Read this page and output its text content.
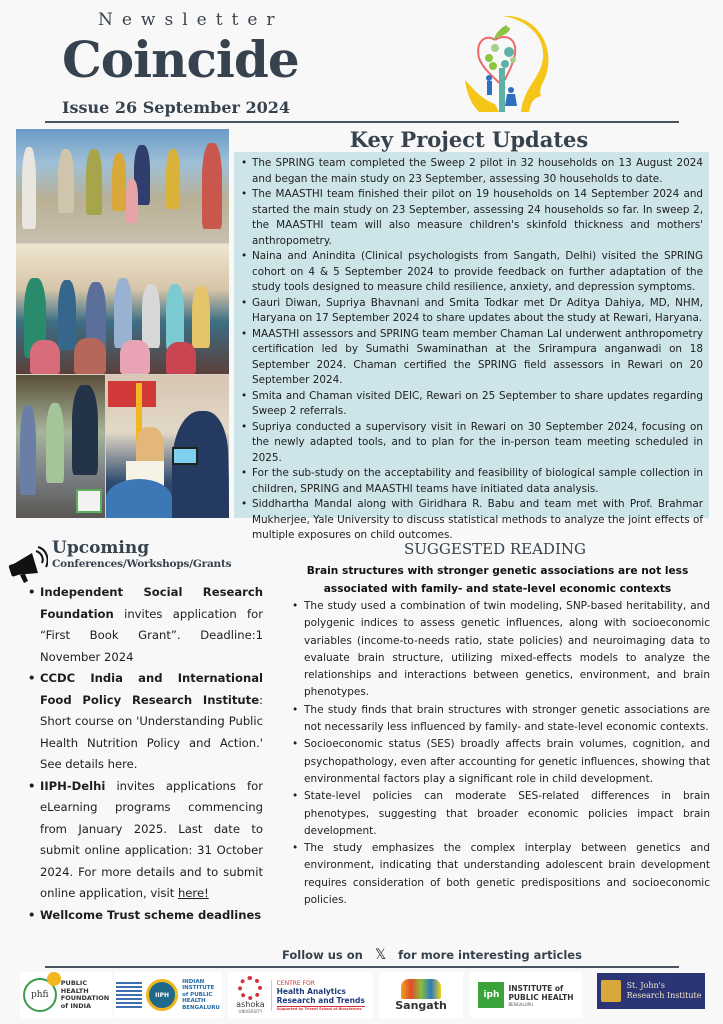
Newsletter
Coincide
Issue 26 September 2024
Key Project Updates
• The SPRING team completed the Sweep 2 pilot in 32 households on 13 August 2024 and began the main study on 23 September, assessing 30 households to date.
• The MAASTHI team finished their pilot on 19 households on 14 September 2024 and started the main study on 23 September, assessing 24 households so far. In sweep 2, the MAASTHI team will also measure children's skinfold thickness and mothers' anthropometry.
• Naina and Anindita (Clinical psychologists from Sangath, Delhi) visited the SPRING cohort on 4 & 5 September 2024 to provide feedback on further adaptation of the study tools designed to measure child resilience, anxiety, and depression symptoms.
• Gauri Diwan, Supriya Bhavnani and Smita Todkar met Dr Aditya Dahiya, MD, NHM, Haryana on 17 September 2024 to share updates about the study at Rewari, Haryana.
• MAASTHI assessors and SPRING team member Chaman Lal underwent anthropometry certification led by Sumathi Swaminathan at the Srirampura anganwadi on 18 September 2024. Chaman certified the SPRING field assessors in Rewari on 20 September 2024.
• Smita and Chaman visited DEIC, Rewari on 25 September to share updates regarding Sweep 2 referrals.
• Supriya conducted a supervisory visit in Rewari on 30 September 2024, focusing on the newly adapted tools, and to plan for the in-person team meeting scheduled in 2025.
• For the sub-study on the acceptability and feasibility of biological sample collection in children, SPRING and MAASTHI teams have initiated data analysis.
• Siddhartha Mandal along with Giridhara R. Babu and team met with Prof. Brahmar Mukherjee, Yale University to discuss statistical methods to analyze the joint effects of multiple exposures on child outcomes.
Upcoming
Conferences/Workshops/Grants
• Independent Social Research Foundation invites application for “First Book Grant”. Deadline:1 November 2024
• CCDC India and International Food Policy Research Institute: Short course on 'Understanding Public Health Nutrition Policy and Action.' See details here.
• IIPH-Delhi invites applications for eLearning programs commencing from January 2025. Last date to submit online application: 31 October 2024. For more details and to submit online application, visit here!
• Wellcome Trust scheme deadlines
SUGGESTED READING
Brain structures with stronger genetic associations are not less associated with family- and state-level economic contexts
• The study used a combination of twin modeling, SNP-based heritability, and polygenic indices to assess genetic influences, along with socioeconomic variables (income-to-needs ratio, state policies) and neuroimaging data to evaluate brain structure, utilizing mixed-effects models to analyze the relationships and interactions between genetics, environment, and brain phenotypes.
• The study finds that brain structures with stronger genetic associations are not necessarily less influenced by family- and state-level economic contexts.
• Socioeconomic status (SES) broadly affects brain volumes, cognition, and psychopathology, even after accounting for genetic influences, showing that environmental factors play a significant role in child development.
• State-level policies can moderate SES-related differences in brain phenotypes, suggesting that broader economic policies impact brain development.
• The study emphasizes the complex interplay between genetics and environment, indicating that understanding adolescent brain development requires consideration of both genetic predispositions and socioeconomic policies.
Follow us on 𝕏 for more interesting articles
phfi
PUBLIC
HEALTH
FOUNDATION
of INDIA
IIPH
INDIAN
INSTITUTE
of PUBLIC
HEALTH
BENGALURU ashoka
UNIVERSITY
CENTRE FOR
Health Analytics
Research and Trends
Supported by Trivedi School of Biosciences	Sangath
iph
INSTITUTE of
PUBLIC HEALTH
BENGALURU
St. John's
Research Institute
